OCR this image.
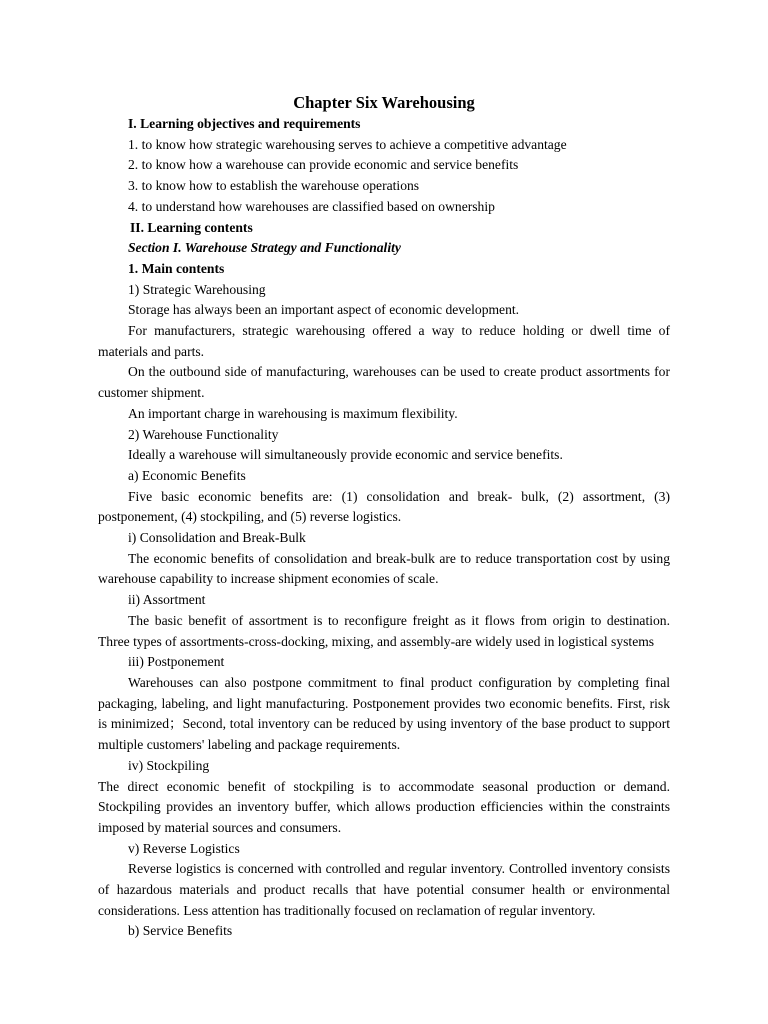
Chapter Six Warehousing

I. Learning objectives and requirements

1. to know how strategic warehousing serves to achieve a competitive advantage

2. to know how a warehouse can provide economic and service benefits

3. to know how to establish the warehouse operations

4. to understand how warehouses are classified based on ownership

II. Learning contents

Section I. Warehouse Strategy and Functionality

1. Main contents

1) Strategic Warehousing

Storage has always been an important aspect of economic development.

For manufacturers, strategic warehousing offered a way to reduce holding or dwell time of materials and parts.

On the outbound side of manufacturing, warehouses can be used to create product assortments for customer shipment.

An important charge in warehousing is maximum flexibility.

2) Warehouse Functionality

Ideally a warehouse will simultaneously provide economic and service benefits.

a) Economic Benefits

Five basic economic benefits are: (1) consolidation and break- bulk, (2) assortment, (3) postponement, (4) stockpiling, and (5) reverse logistics.

i) Consolidation and Break-Bulk

The economic benefits of consolidation and break-bulk are to reduce transportation cost by using warehouse capability to increase shipment economies of scale.

ii) Assortment

The basic benefit of assortment is to reconfigure freight as it flows from origin to destination. Three types of assortments-cross-docking, mixing, and assembly-are widely used in logistical systems

iii) Postponement

Warehouses can also postpone commitment to final product configuration by completing final packaging, labeling, and light manufacturing. Postponement provides two economic benefits. First, risk is minimized；Second, total inventory can be reduced by using inventory of the base product to support multiple customers' labeling and package requirements.

iv) Stockpiling

The direct economic benefit of stockpiling is to accommodate seasonal production or demand. Stockpiling provides an inventory buffer, which allows production efficiencies within the constraints imposed by material sources and consumers.

v) Reverse Logistics

Reverse logistics is concerned with controlled and regular inventory. Controlled inventory consists of hazardous materials and product recalls that have potential consumer health or environmental considerations. Less attention has traditionally focused on reclamation of regular inventory.

b) Service Benefits
